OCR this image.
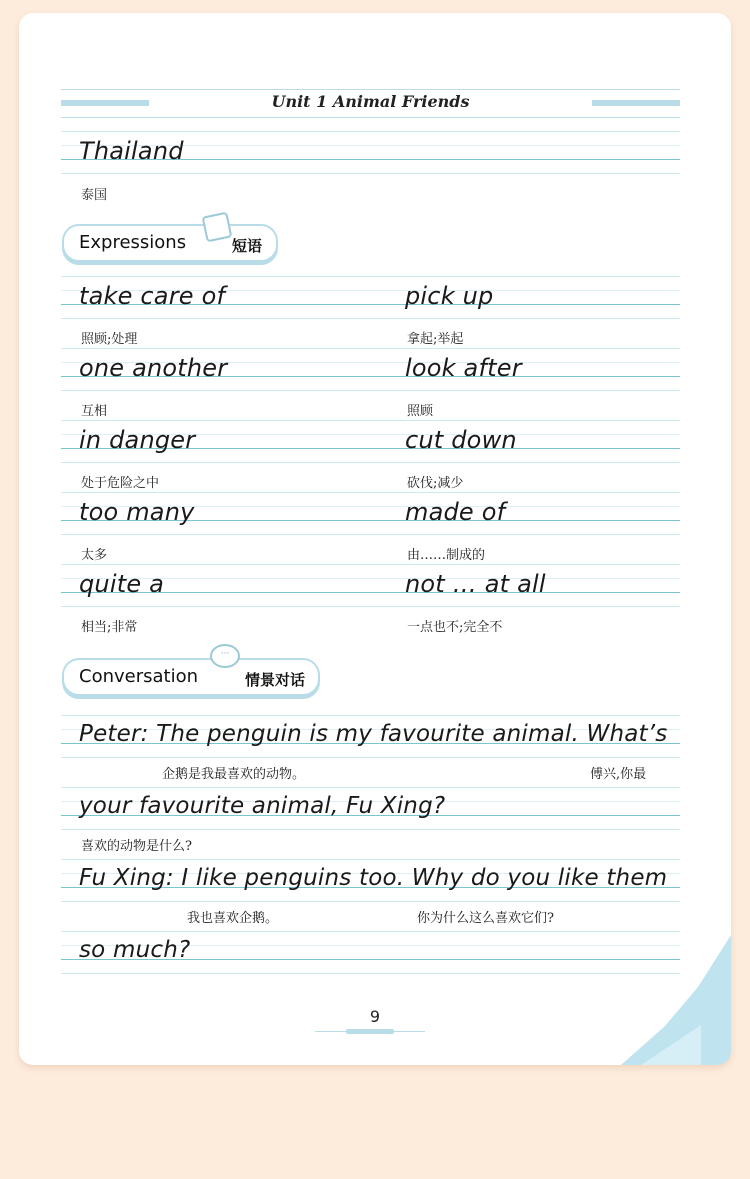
Unit 1 Animal Friends
Thailand
泰国
Expressions	短语
take care of	pick up
照顾;处理	拿起;举起
one another	look after
互相	照顾
in danger	cut down
处于危险之中	砍伐;减少
too many	made of
太多	由……制成的
quite a	not … at all
相当;非常	一点也不;完全不
Conversation	情景对话
···
Peter: The penguin is my favourite animal. What’s
企鹅是我最喜欢的动物。	傅兴,你最
your favourite animal, Fu Xing?
喜欢的动物是什么?
Fu Xing: I like penguins too. Why do you like them
我也喜欢企鹅。	你为什么这么喜欢它们?
so much?
9
